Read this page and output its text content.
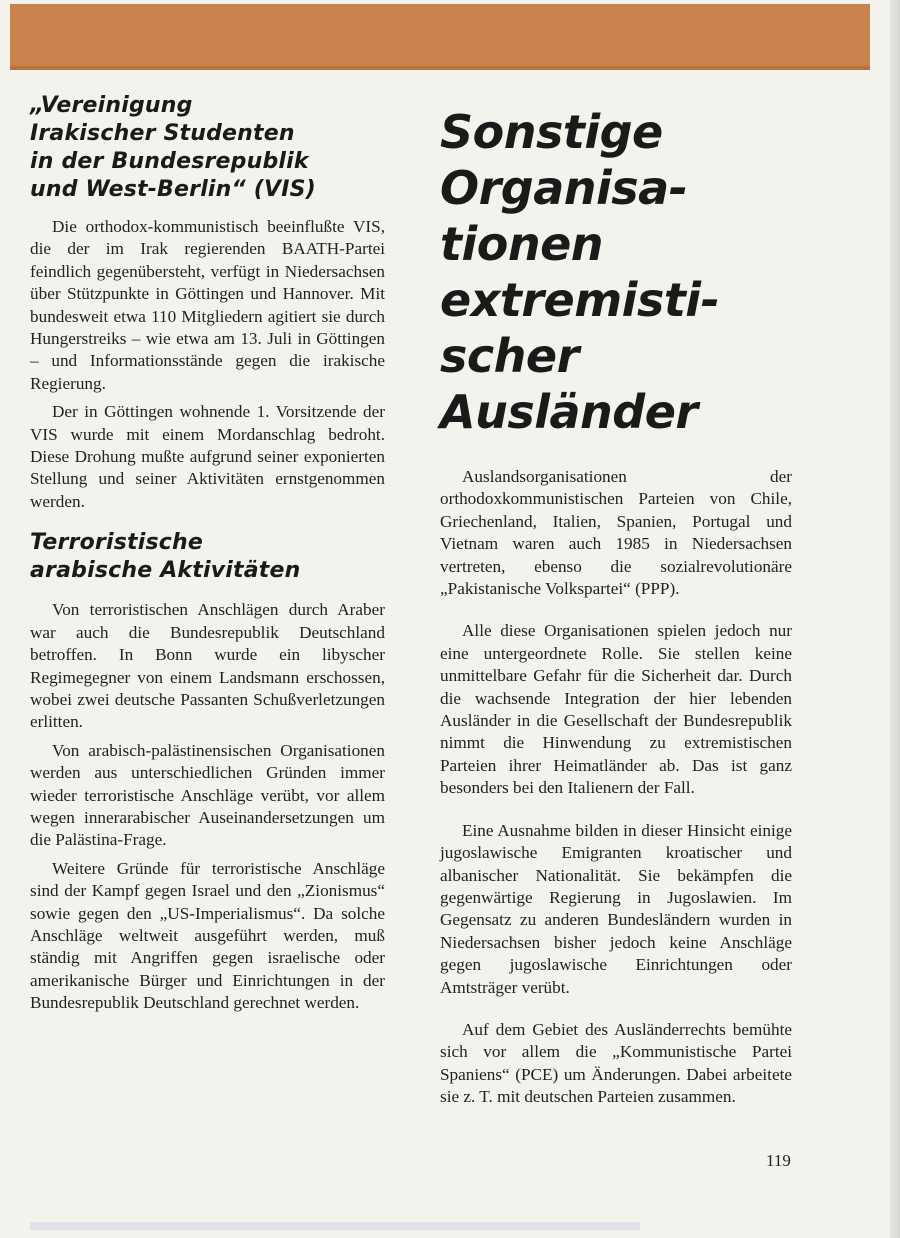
„Vereinigung
Irakischer Studenten
in der Bundesrepublik
und West-Berlin“ (VIS)

Die orthodox-kommunistisch beeinflußte VIS, die der im Irak regierenden BAATH-Partei feindlich gegenübersteht, verfügt in Niedersachsen über Stützpunkte in Göttingen und Hannover. Mit bundesweit etwa 110 Mitgliedern agitiert sie durch Hungerstreiks – wie etwa am 13. Juli in Göttingen – und Informationsstände gegen die irakische Regierung.

Der in Göttingen wohnende 1. Vorsitzende der VIS wurde mit einem Mordanschlag bedroht. Diese Drohung mußte aufgrund seiner exponierten Stellung und seiner Aktivitäten ernstgenommen werden.

Terroristische
arabische Aktivitäten

Von terroristischen Anschlägen durch Araber war auch die Bundesrepublik Deutschland betroffen. In Bonn wurde ein libyscher Regimegegner von einem Landsmann erschossen, wobei zwei deutsche Passanten Schußverletzungen erlitten.

Von arabisch-palästinensischen Organisationen werden aus unterschiedlichen Gründen immer wieder terroristische Anschläge verübt, vor allem wegen innerarabischer Auseinandersetzungen um die Palästina-Frage.

Weitere Gründe für terroristische Anschläge sind der Kampf gegen Israel und den „Zionismus“ sowie gegen den „US-Imperialismus“. Da solche Anschläge weltweit ausgeführt werden, muß ständig mit Angriffen gegen israelische oder amerikanische Bürger und Einrichtungen in der Bundesrepublik Deutschland gerechnet werden.

Sonstige
Organisa-
tionen
extremisti-
scher
Ausländer

Auslandsorganisationen der orthodoxkommunistischen Parteien von Chile, Griechenland, Italien, Spanien, Portugal und Vietnam waren auch 1985 in Niedersachsen vertreten, ebenso die sozialrevolutionäre „Pakistanische Volkspartei“ (PPP).

Alle diese Organisationen spielen jedoch nur eine untergeordnete Rolle. Sie stellen keine unmittelbare Gefahr für die Sicherheit dar. Durch die wachsende Integration der hier lebenden Ausländer in die Gesellschaft der Bundesrepublik nimmt die Hinwendung zu extremistischen Parteien ihrer Heimatländer ab. Das ist ganz besonders bei den Italienern der Fall.

Eine Ausnahme bilden in dieser Hinsicht einige jugoslawische Emigranten kroatischer und albanischer Nationalität. Sie bekämpfen die gegenwärtige Regierung in Jugoslawien. Im Gegensatz zu anderen Bundesländern wurden in Niedersachsen bisher jedoch keine Anschläge gegen jugoslawische Einrichtungen oder Amtsträger verübt.

Auf dem Gebiet des Ausländerrechts bemühte sich vor allem die „Kommunistische Partei Spaniens“ (PCE) um Änderungen. Dabei arbeitete sie z. T. mit deutschen Parteien zusammen.

119
